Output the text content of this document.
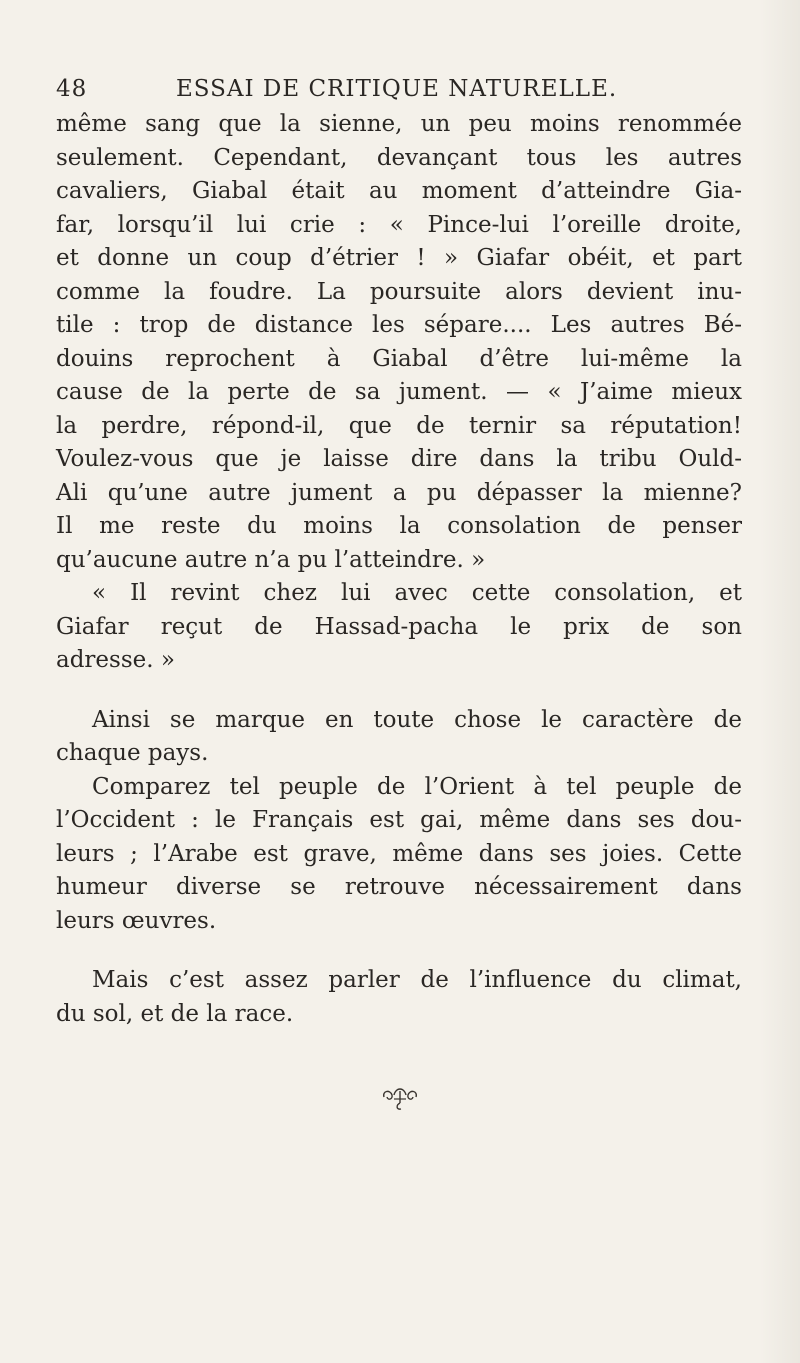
48	ESSAI DE CRITIQUE NATURELLE.
même sang que la sienne, un peu moins renommée
seulement. Cependant, devançant tous les autres
cavaliers, Giabal était au moment d’atteindre Gia-
far, lorsqu’il lui crie : « Pince-lui l’oreille droite,
et donne un coup d’étrier ! » Giafar obéit, et part
comme la foudre. La poursuite alors devient inu-
tile : trop de distance les sépare.... Les autres Bé-
douins reprochent à Giabal d’être lui-même la
cause de la perte de sa jument. — « J’aime mieux
la perdre, répond-il, que de ternir sa réputation!
Voulez-vous que je laisse dire dans la tribu Ould-
Ali qu’une autre jument a pu dépasser la mienne?
Il me reste du moins la consolation de penser
qu’aucune autre n’a pu l’atteindre. »
« Il revint chez lui avec cette consolation, et
Giafar reçut de Hassad-pacha le prix de son
adresse. »
Ainsi se marque en toute chose le caractère de
chaque pays.
Comparez tel peuple de l’Orient à tel peuple de
l’Occident : le Français est gai, même dans ses dou-
leurs ; l’Arabe est grave, même dans ses joies. Cette
humeur diverse se retrouve nécessairement dans
leurs œuvres.
Mais c’est assez parler de l’influence du climat,
du sol, et de la race.
